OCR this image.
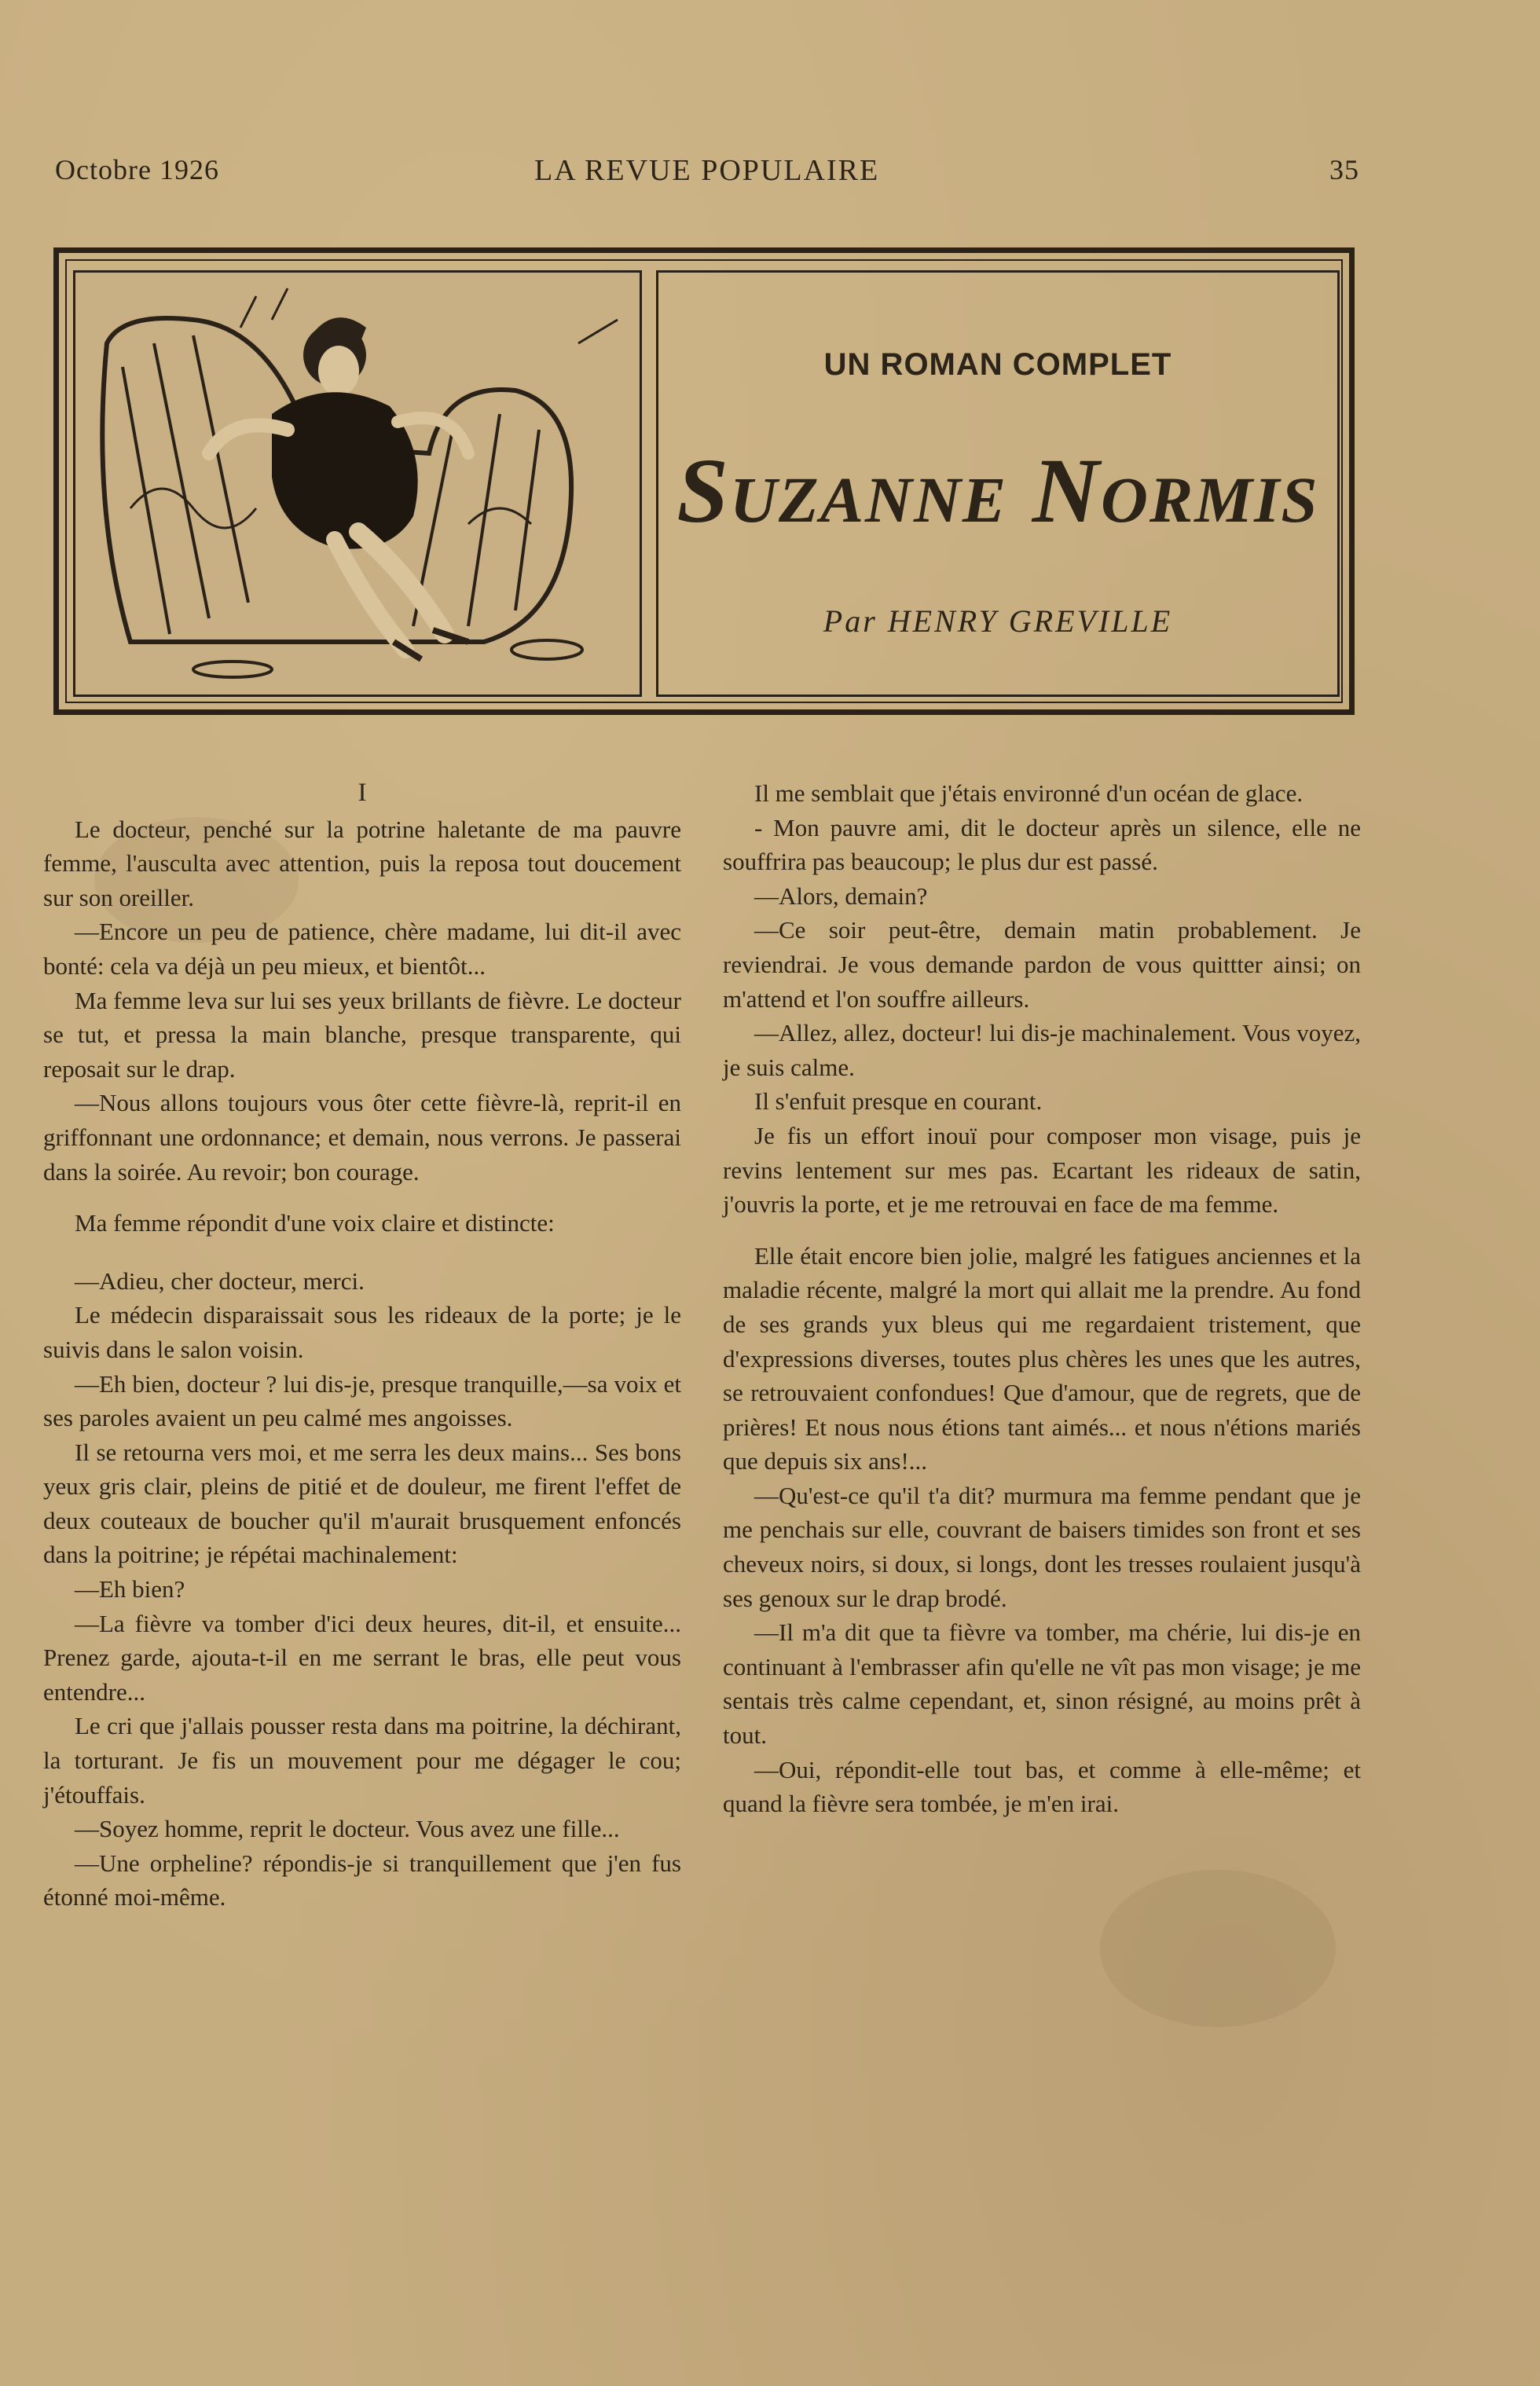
Octobre 1926	LA REVUE POPULAIRE	35
UN ROMAN COMPLET
Suzanne Normis
Par HENRY GREVILLE
I

Le docteur, penché sur la potrine haletante de ma pauvre femme, l'ausculta avec attention, puis la reposa tout doucement sur son oreiller.

—Encore un peu de patience, chère madame, lui dit-il avec bonté: cela va déjà un peu mieux, et bientôt...

Ma femme leva sur lui ses yeux brillants de fièvre. Le docteur se tut, et pressa la main blanche, presque transparente, qui reposait sur le drap.

—Nous allons toujours vous ôter cette fièvre-là, reprit-il en griffonnant une ordonnance; et demain, nous verrons. Je passerai dans la soirée. Au revoir; bon courage.

Ma femme répondit d'une voix claire et distincte:

—Adieu, cher docteur, merci.

Le médecin disparaissait sous les rideaux de la porte; je le suivis dans le salon voisin.

—Eh bien, docteur ? lui dis-je, presque tranquille,—sa voix et ses paroles avaient un peu calmé mes angoisses.

Il se retourna vers moi, et me serra les deux mains... Ses bons yeux gris clair, pleins de pitié et de douleur, me firent l'effet de deux couteaux de boucher qu'il m'aurait brusquement enfoncés dans la poitrine; je répétai machinalement:

—Eh bien?

—La fièvre va tomber d'ici deux heures, dit-il, et ensuite... Prenez garde, ajouta-t-il en me serrant le bras, elle peut vous entendre...

Le cri que j'allais pousser resta dans ma poitrine, la déchirant, la torturant. Je fis un mouvement pour me dégager le cou; j'étouffais.

—Soyez homme, reprit le docteur. Vous avez une fille...

—Une orpheline? répondis-je si tranquillement que j'en fus étonné moi-même.

Il me semblait que j'étais environné d'un océan de glace.

- Mon pauvre ami, dit le docteur après un silence, elle ne souffrira pas beaucoup; le plus dur est passé.

—Alors, demain?

—Ce soir peut-être, demain matin probablement. Je reviendrai. Je vous demande pardon de vous quittter ainsi; on m'attend et l'on souffre ailleurs.

—Allez, allez, docteur! lui dis-je machinalement. Vous voyez, je suis calme.

Il s'enfuit presque en courant.

Je fis un effort inouï pour composer mon visage, puis je revins lentement sur mes pas. Ecartant les rideaux de satin, j'ouvris la porte, et je me retrouvai en face de ma femme.

Elle était encore bien jolie, malgré les fatigues anciennes et la maladie récente, malgré la mort qui allait me la prendre. Au fond de ses grands yux bleus qui me regardaient tristement, que d'expressions diverses, toutes plus chères les unes que les autres, se retrouvaient confondues! Que d'amour, que de regrets, que de prières! Et nous nous étions tant aimés... et nous n'étions mariés que depuis six ans!...

—Qu'est-ce qu'il t'a dit? murmura ma femme pendant que je me penchais sur elle, couvrant de baisers timides son front et ses cheveux noirs, si doux, si longs, dont les tresses roulaient jusqu'à ses genoux sur le drap brodé.

—Il m'a dit que ta fièvre va tomber, ma chérie, lui dis-je en continuant à l'embrasser afin qu'elle ne vît pas mon visage; je me sentais très calme cependant, et, sinon résigné, au moins prêt à tout.

—Oui, répondit-elle tout bas, et comme à elle-même; et quand la fièvre sera tombée, je m'en irai.
